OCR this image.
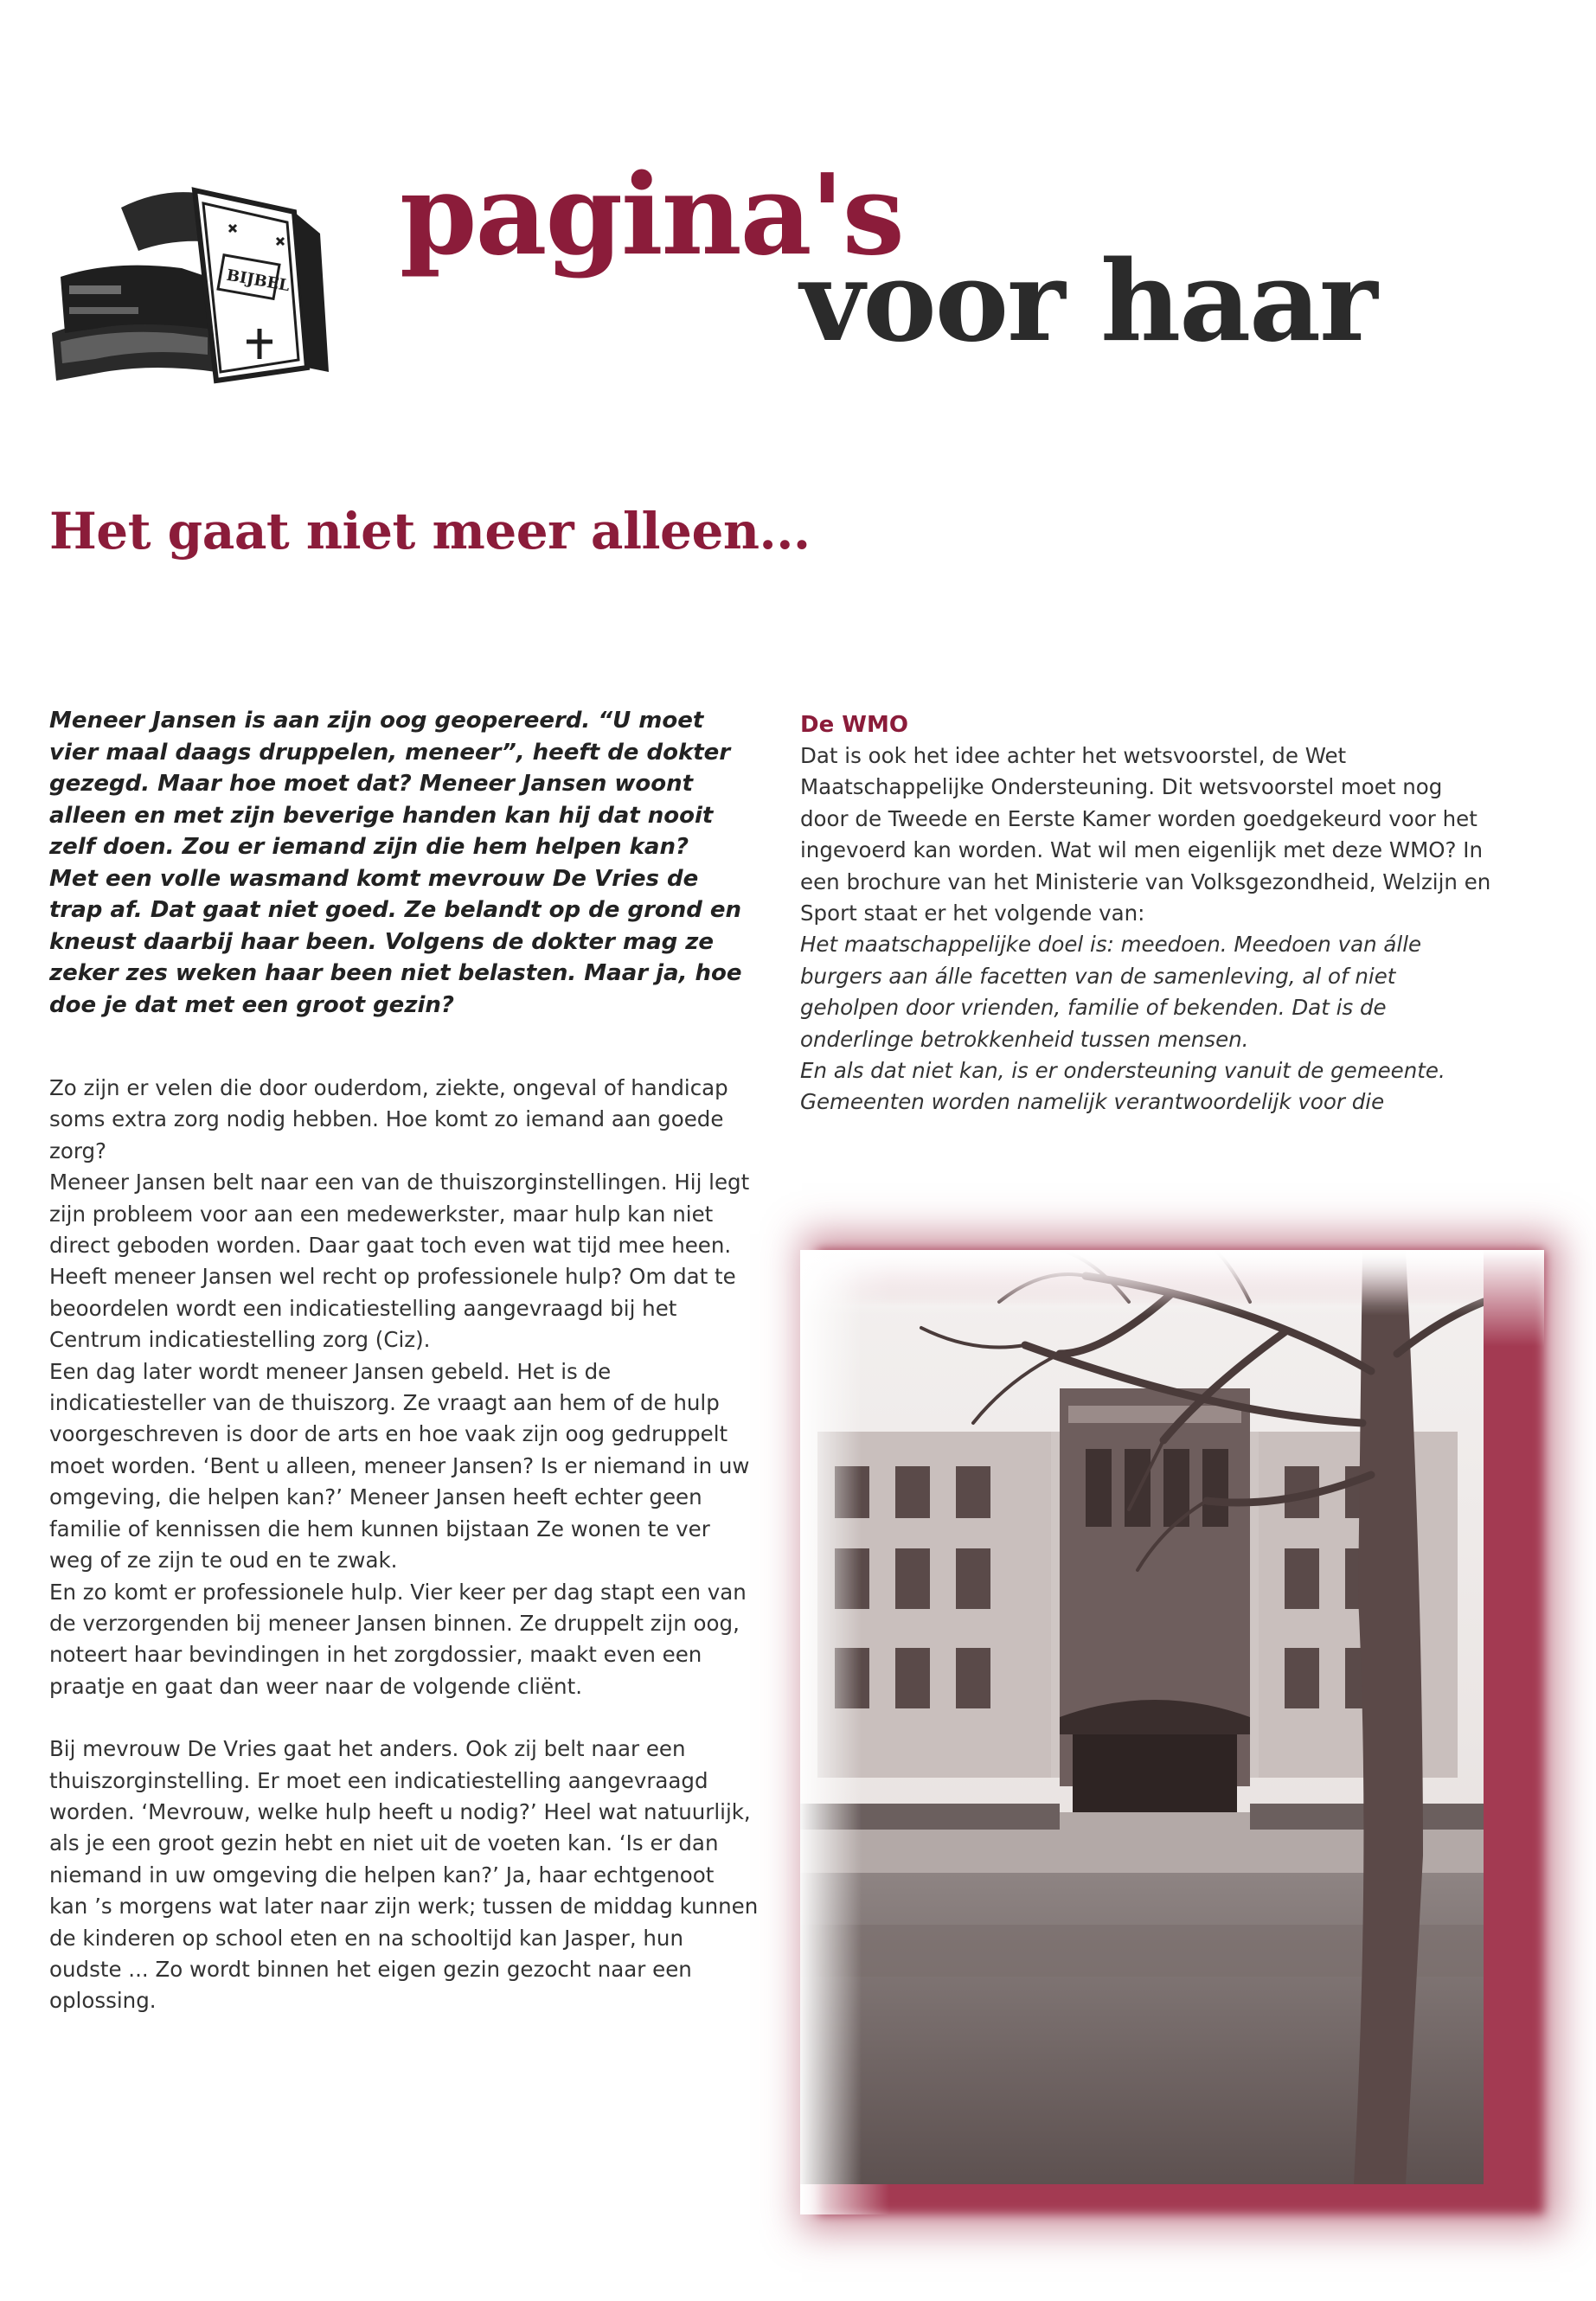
BIJBEL
pagina's
voor haar
Het gaat niet meer alleen...

Meneer Jansen is aan zijn oog geopereerd. “U moet vier maal daags druppelen, meneer”, heeft de dokter gezegd. Maar hoe moet dat? Meneer Jansen woont alleen en met zijn beverige handen kan hij dat nooit zelf doen. Zou er iemand zijn die hem helpen kan?

Met een volle wasmand komt mevrouw De Vries de trap af. Dat gaat niet goed. Ze belandt op de grond en kneust daarbij haar been. Volgens de dokter mag ze zeker zes weken haar been niet belasten. Maar ja, hoe doe je dat met een groot gezin?

Zo zijn er velen die door ouderdom, ziekte, ongeval of handicap soms extra zorg nodig hebben. Hoe komt zo iemand aan goede zorg?

Meneer Jansen belt naar een van de thuiszorginstellingen. Hij legt zijn probleem voor aan een medewerkster, maar hulp kan niet direct geboden worden. Daar gaat toch even wat tijd mee heen. Heeft meneer Jansen wel recht op professionele hulp? Om dat te beoordelen wordt een indicatiestelling aangevraagd bij het Centrum indicatiestelling zorg (Ciz).

Een dag later wordt meneer Jansen gebeld. Het is de indicatiesteller van de thuiszorg. Ze vraagt aan hem of de hulp voorgeschreven is door de arts en hoe vaak zijn oog gedruppelt moet worden. ‘Bent u alleen, meneer Jansen? Is er niemand in uw omgeving, die helpen kan?’ Meneer Jansen heeft echter geen familie of kennissen die hem kunnen bijstaan Ze wonen te ver weg of ze zijn te oud en te zwak.

En zo komt er professionele hulp. Vier keer per dag stapt een van de verzorgenden bij meneer Jansen binnen. Ze druppelt zijn oog, noteert haar bevindingen in het zorgdossier, maakt even een praatje en gaat dan weer naar de volgende cliënt.

Bij mevrouw De Vries gaat het anders. Ook zij belt naar een thuiszorginstelling. Er moet een indicatiestelling aangevraagd worden. ‘Mevrouw, welke hulp heeft u nodig?’ Heel wat natuurlijk, als je een groot gezin hebt en niet uit de voeten kan. ‘Is er dan niemand in uw omgeving die helpen kan?’ Ja, haar echtgenoot kan ’s morgens wat later naar zijn werk; tussen de middag kunnen de kinderen op school eten en na schooltijd kan Jasper, hun oudste ... Zo wordt binnen het eigen gezin gezocht naar een oplossing.

De WMO

Dat is ook het idee achter het wetsvoorstel, de Wet Maatschappelijke Ondersteuning. Dit wetsvoorstel moet nog door de Tweede en Eerste Kamer worden goedgekeurd voor het ingevoerd kan worden. Wat wil men eigenlijk met deze WMO? In een brochure van het Ministerie van Volksgezondheid, Welzijn en Sport staat er het volgende van:

Het maatschappelijke doel is: meedoen. Meedoen van álle burgers aan álle facetten van de samenleving, al of niet geholpen door vrienden, familie of bekenden. Dat is de onderlinge betrokkenheid tussen mensen.

En als dat niet kan, is er ondersteuning vanuit de gemeente.

Gemeenten worden namelijk verantwoordelijk voor die
